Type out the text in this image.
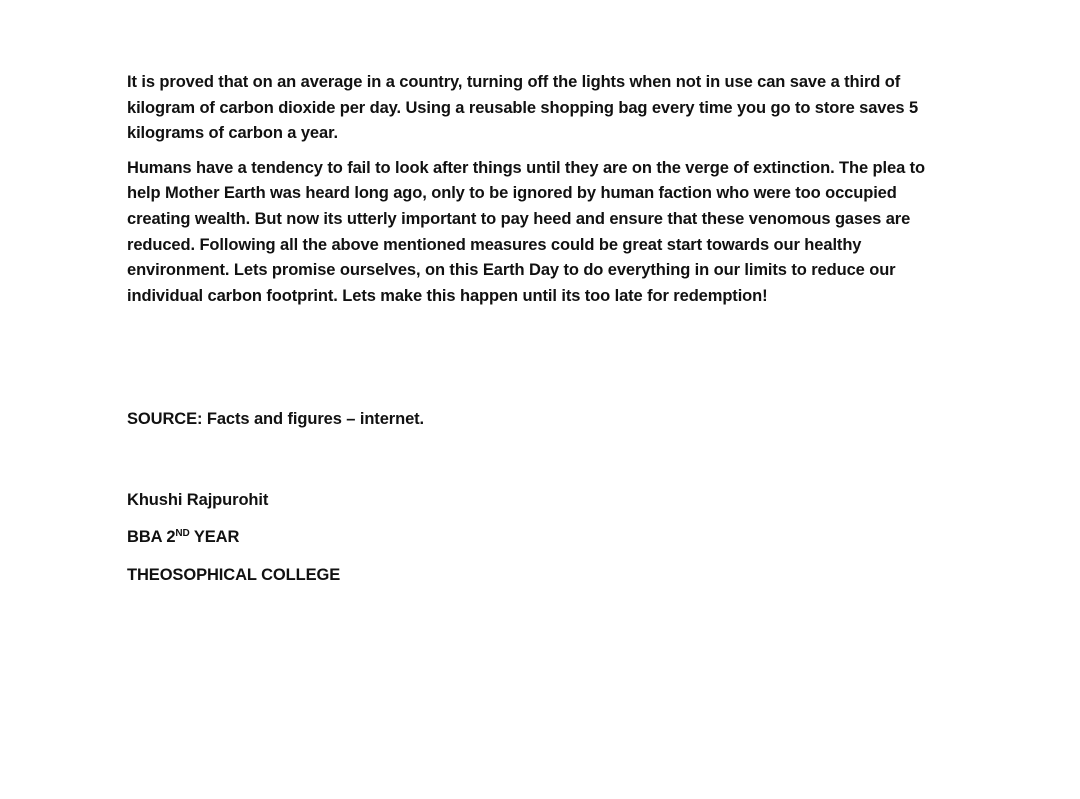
It is proved that on an average in a country, turning off the lights when not in use can save a third of kilogram of carbon dioxide per day. Using a reusable shopping bag every time you go to store saves 5 kilograms of carbon a year.

Humans have a tendency to fail to look after things until they are on the verge of extinction. The plea to help Mother Earth was heard long ago, only to be ignored by human faction who were too occupied creating wealth. But now its utterly important to pay heed and ensure that these venomous gases are reduced. Following all the above mentioned measures could be great start towards our healthy environment. Lets promise ourselves, on this Earth Day to do everything in our limits to reduce our individual carbon footprint. Lets make this happen until its too late for redemption!

SOURCE: Facts and figures – internet.
Khushi Rajpurohit
BBA 2ND YEAR
THEOSOPHICAL COLLEGE
